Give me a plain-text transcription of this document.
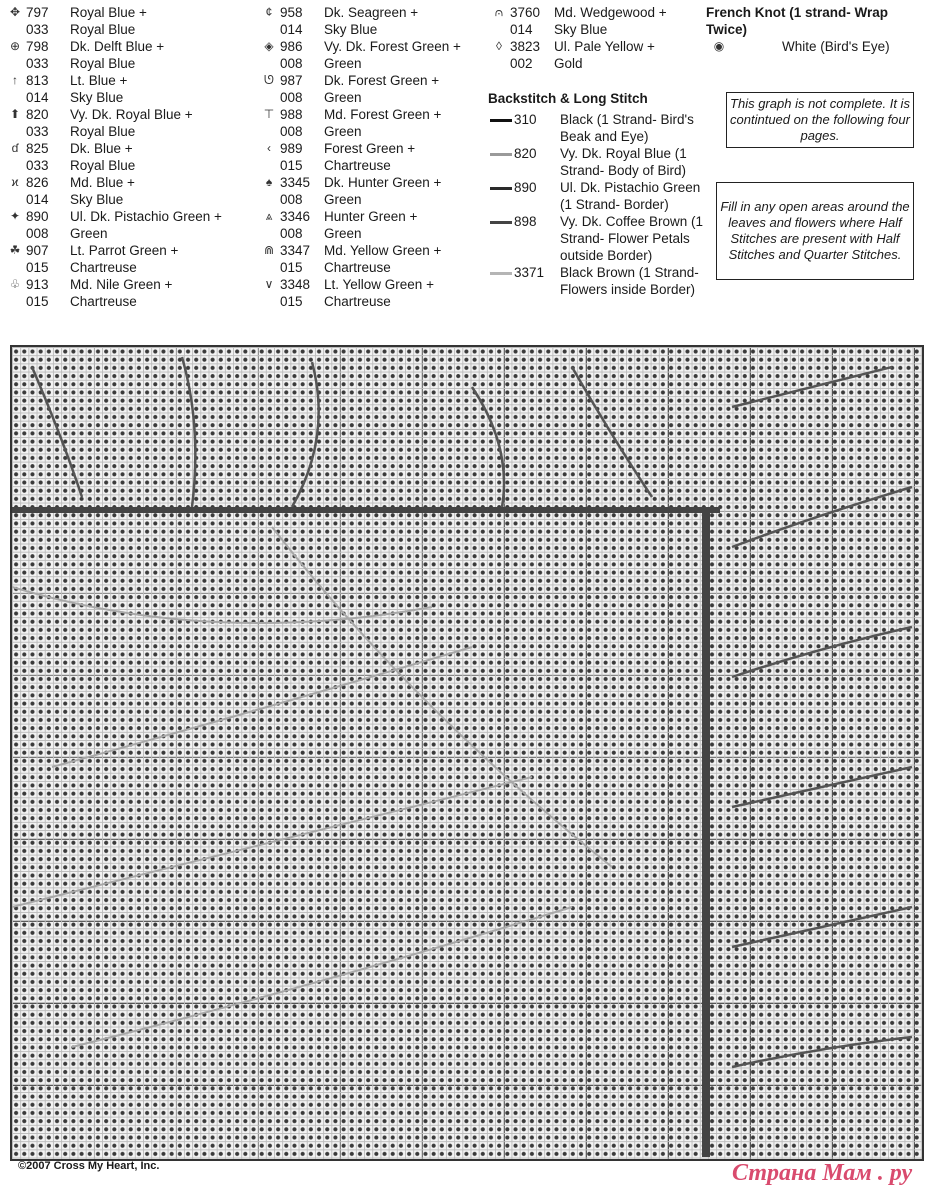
✥ 797	Royal Blue +
033	Royal Blue
⊕ 798	Dk. Delft Blue +
033	Royal Blue
↑ 813	Lt. Blue +
014	Sky Blue
⬆ 820	Vy. Dk. Royal Blue +
033	Royal Blue
ɗ 825	Dk. Blue +
033	Royal Blue
ϰ 826	Md. Blue +
014	Sky Blue
✦ 890	Ul. Dk. Pistachio Green +
008	Green
☘ 907	Lt. Parrot Green +
015	Chartreuse
♧ 913	Md. Nile Green +
015	Chartreuse
¢ 958	Dk. Seagreen +
014	Sky Blue
◈ 986	Vy. Dk. Forest Green +
008	Green
ᘎ 987	Dk. Forest Green +
008	Green
⊤ 988	Md. Forest Green +
008	Green
‹ 989	Forest Green +
015	Chartreuse
♠ 3345	Dk. Hunter Green +
008	Green
⩓ 3346	Hunter Green +
008	Green
⋒ 3347	Md. Yellow Green +
015	Chartreuse
∨ 3348	Lt. Yellow Green +
015	Chartreuse
⩀ 3760	Md. Wedgewood +
014	Sky Blue
◊ 3823	Ul. Pale Yellow +
002	Gold
Backstitch & Long Stitch
310	Black (1 Strand- Bird's Beak and Eye)
820	Vy. Dk. Royal Blue (1 Strand- Body of Bird)
890	Ul. Dk. Pistachio Green (1 Strand- Border)
898	Vy. Dk. Coffee Brown (1 Strand- Flower Petals outside Border)
3371	Black Brown (1 Strand- Flowers inside Border)
French Knot (1 strand- Wrap Twice)
◉	White (Bird's Eye)
This graph is not complete. It is contintued on the following four pages.
Fill in any open areas around the leaves and flowers where Half Stitches are present with Half Stitches and Quarter Stitches.
©2007 Cross My Heart, Inc.	Страна Мам . ру
